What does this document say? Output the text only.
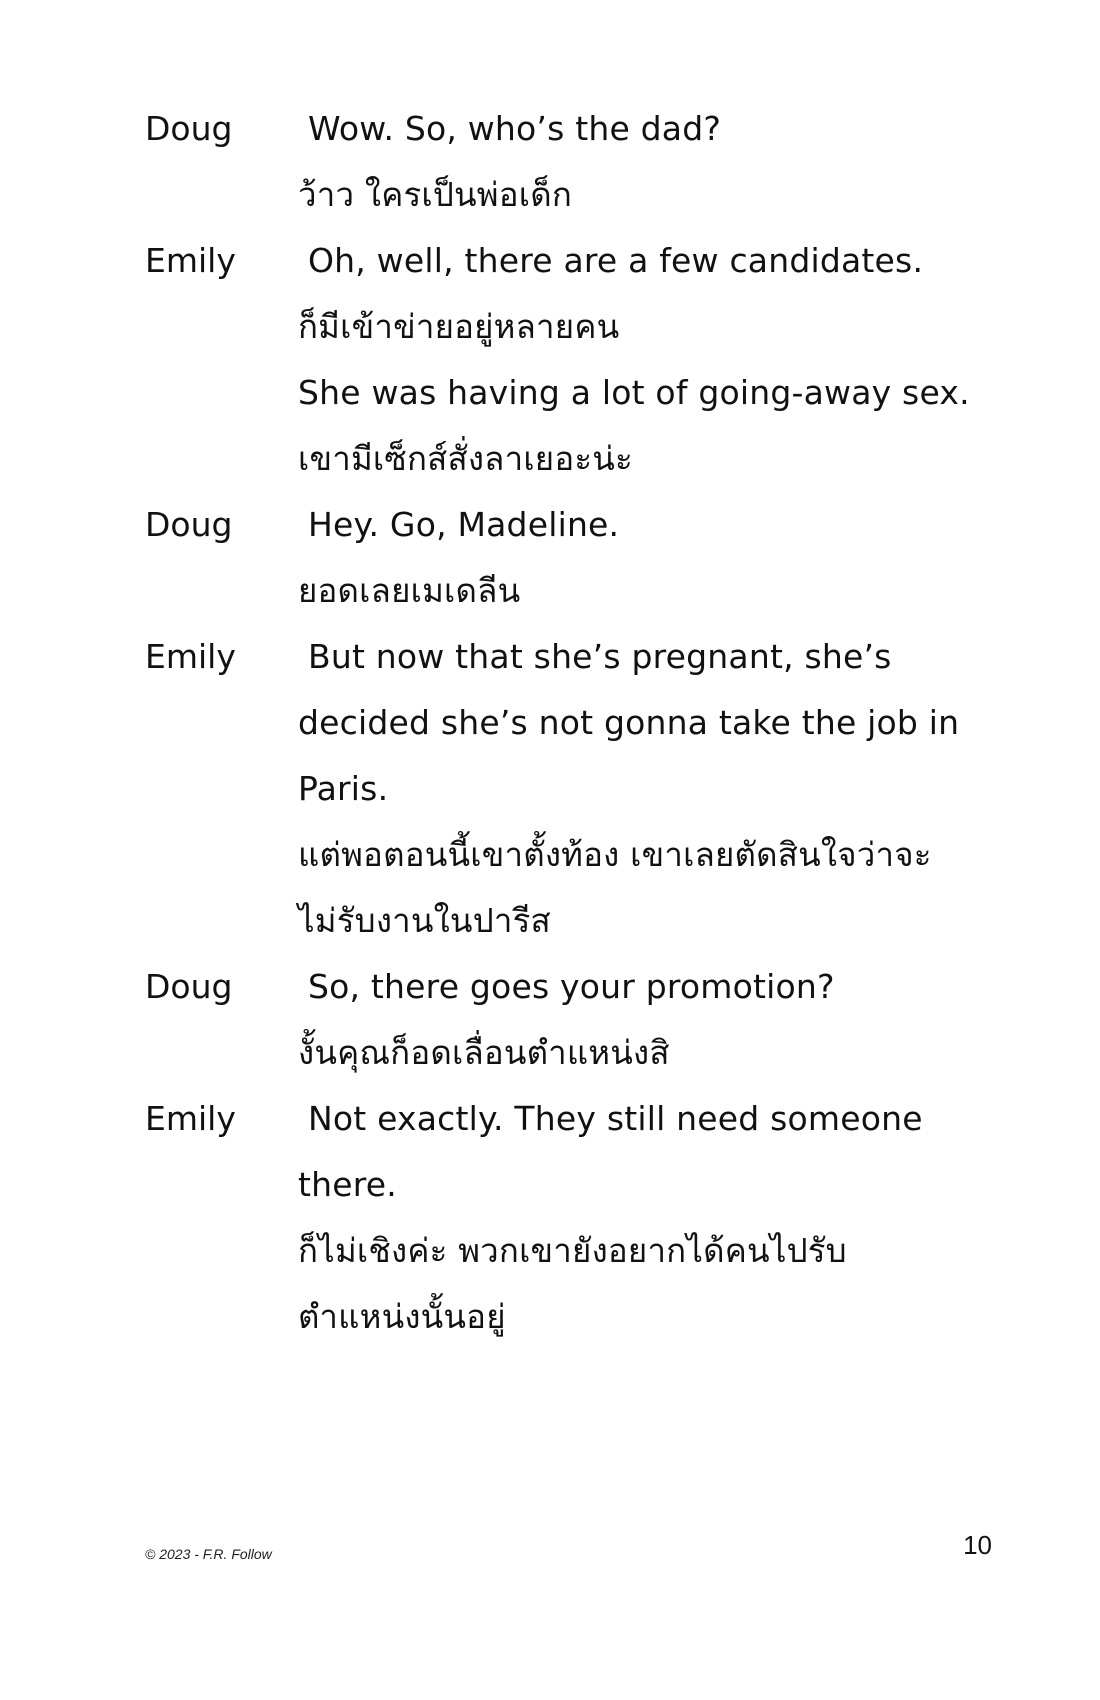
Doug	Wow. So, who’s the dad?
ว้าว ใครเป็นพ่อเด็ก
Emily	Oh, well, there are a few candidates.
ก็มีเข้าข่ายอยู่หลายคน
She was having a lot of going-away sex.
เขามีเซ็กส์สั่งลาเยอะน่ะ
Doug	Hey. Go, Madeline.
ยอดเลยเมเดลีน
Emily	But now that she’s pregnant, she’s
decided she’s not gonna take the job in
Paris.
แต่พอตอนนี้เขาตั้งท้อง เขาเลยตัดสินใจว่าจะ
ไม่รับงานในปารีส
Doug	So, there goes your promotion?
งั้นคุณก็อดเลื่อนตำแหน่งสิ
Emily	Not exactly. They still need someone
there.
ก็ไม่เชิงค่ะ พวกเขายังอยากได้คนไปรับ
ตำแหน่งนั้นอยู่
© 2023 - F.R. Follow	10
